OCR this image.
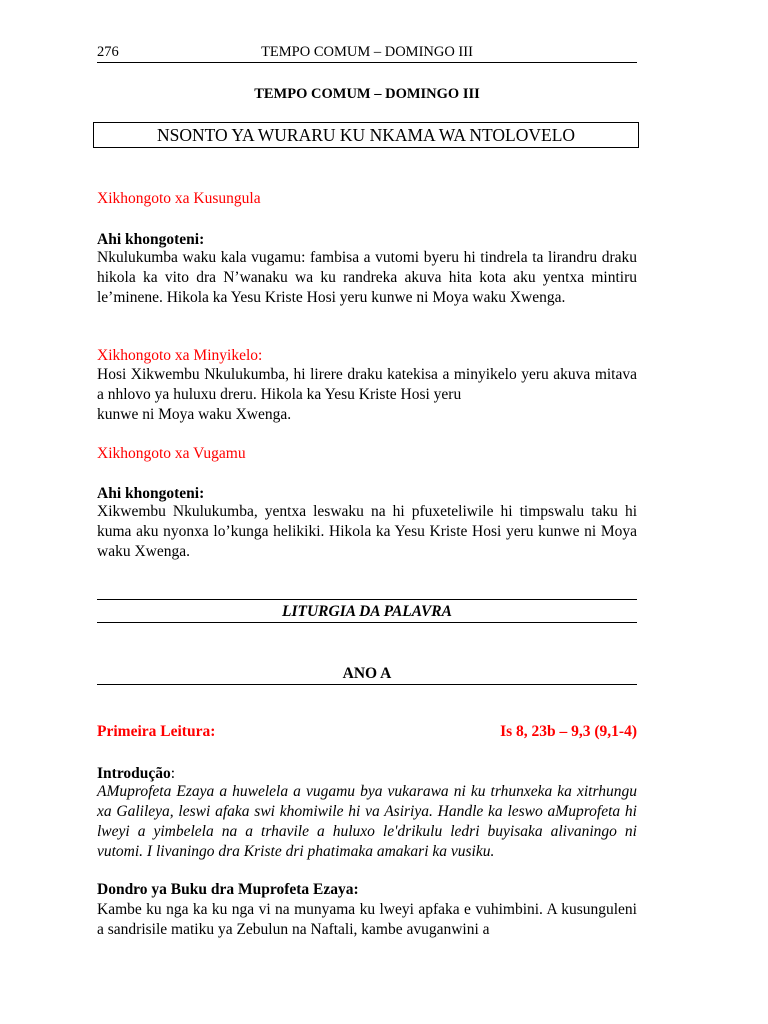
276	TEMPO COMUM – DOMINGO III
TEMPO COMUM – DOMINGO III
NSONTO YA WURARU KU NKAMA WA NTOLOVELO
Xikhongoto xa Kusungula
Ahi khongoteni:
Nkulukumba waku kala vugamu: fambisa a vutomi byeru hi tindrela ta lirandru draku hikola ka vito dra N’wanaku wa ku randreka akuva hita kota aku yentxa mintiru le’minene. Hikola ka Yesu Kriste Hosi yeru kunwe ni Moya waku Xwenga.
Xikhongoto xa Minyikelo:
Hosi Xikwembu Nkulukumba, hi lirere draku katekisa a minyikelo yeru akuva mitava a nhlovo ya huluxu dreru. Hikola ka Yesu Kriste Hosi yeru
kunwe ni Moya waku Xwenga.
Xikhongoto xa Vugamu
Ahi khongoteni:
Xikwembu Nkulukumba, yentxa leswaku na hi pfuxeteliwile hi timpswalu taku hi kuma aku nyonxa lo’kunga helikiki. Hikola ka Yesu Kriste Hosi yeru kunwe ni Moya waku Xwenga.
LITURGIA DA PALAVRA
ANO A
Primeira Leitura:	Is 8, 23b – 9,3 (9,1-4)
Introdução:
AMuprofeta Ezaya a huwelela a vugamu bya vukarawa ni ku trhunxeka ka xitrhungu xa Galileya, leswi afaka swi khomiwile hi va Asiriya. Handle ka leswo aMuprofeta hi lweyi a yimbelela na a trhavile a huluxo le'drikulu ledri buyisaka alivaningo ni vutomi. I livaningo dra Kriste dri phatimaka amakari ka vusiku.
Dondro ya Buku dra Muprofeta Ezaya:
Kambe ku nga ka ku nga vi na munyama ku lweyi apfaka e vuhimbini. A kusunguleni a sandrisile matiku ya Zebulun na Naftali, kambe avuganwini a
